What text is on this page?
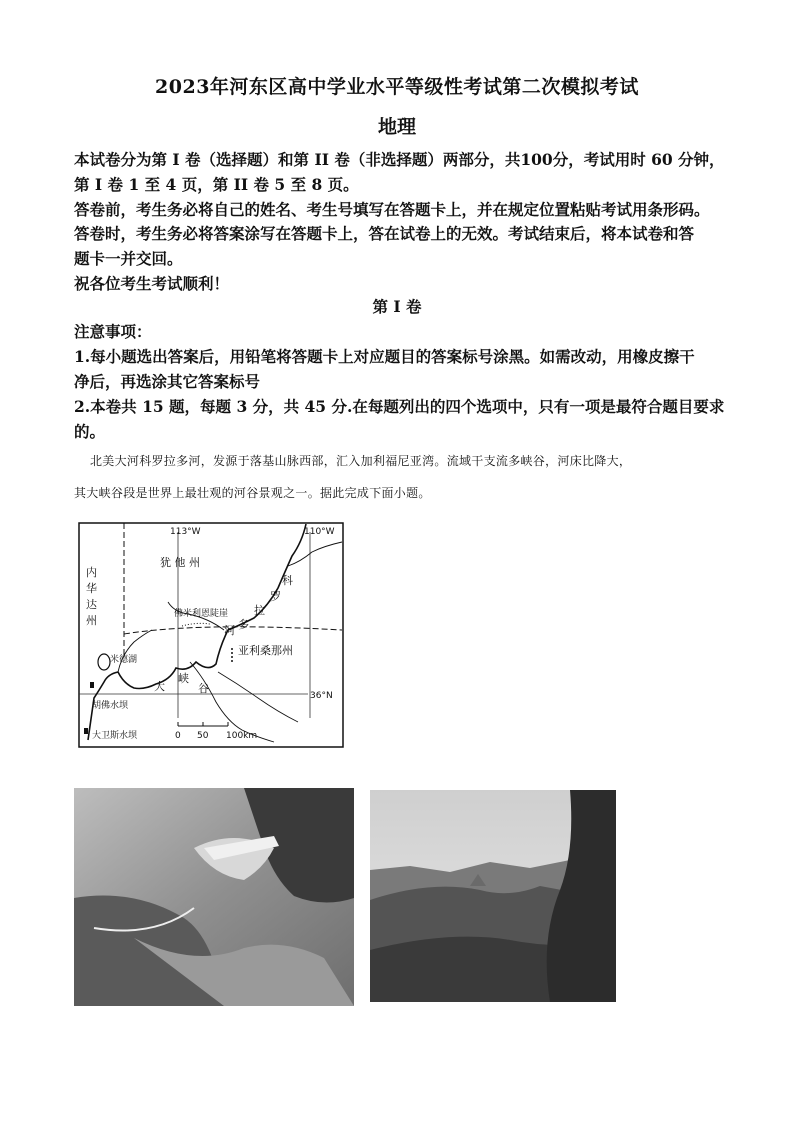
2023年河东区高中学业水平等级性考试第二次模拟考试
地理
本试卷分为第 I 卷（选择题）和第 II 卷（非选择题）两部分，共100分，考试用时 60 分钟，
第 I 卷 1 至 4 页，第 II 卷 5 至 8 页。
答卷前，考生务必将自己的姓名、考生号填写在答题卡上，并在规定位置粘贴考试用条形码。
答卷时，考生务必将答案涂写在答题卡上，答在试卷上的无效。考试结束后，将本试卷和答
题卡一并交回。
祝各位考生考试顺利！
第 I 卷
注意事项：
1.每小题选出答案后，用铅笔将答题卡上对应题目的答案标号涂黑。如需改动，用橡皮擦干
净后，再选涂其它答案标号
2.本卷共 15 题，每题 3 分，共 45 分.在每题列出的四个选项中，只有一项是最符合题目要求
的。
北美大河科罗拉多河，发源于落基山脉西部，汇入加利福尼亚湾。流域干支流多峡谷，河床比降大，
其大峡谷段是世界上最壮观的河谷景观之一。据此完成下面小题。
113°W	110°W
36°N
犹 他 州
内
华
达
州
亚利桑那州
科
罗
拉
多
河
佛米利恩陡崖
米德湖
大
峡
谷
胡佛水坝
大卫斯水坝	0 50 100km
